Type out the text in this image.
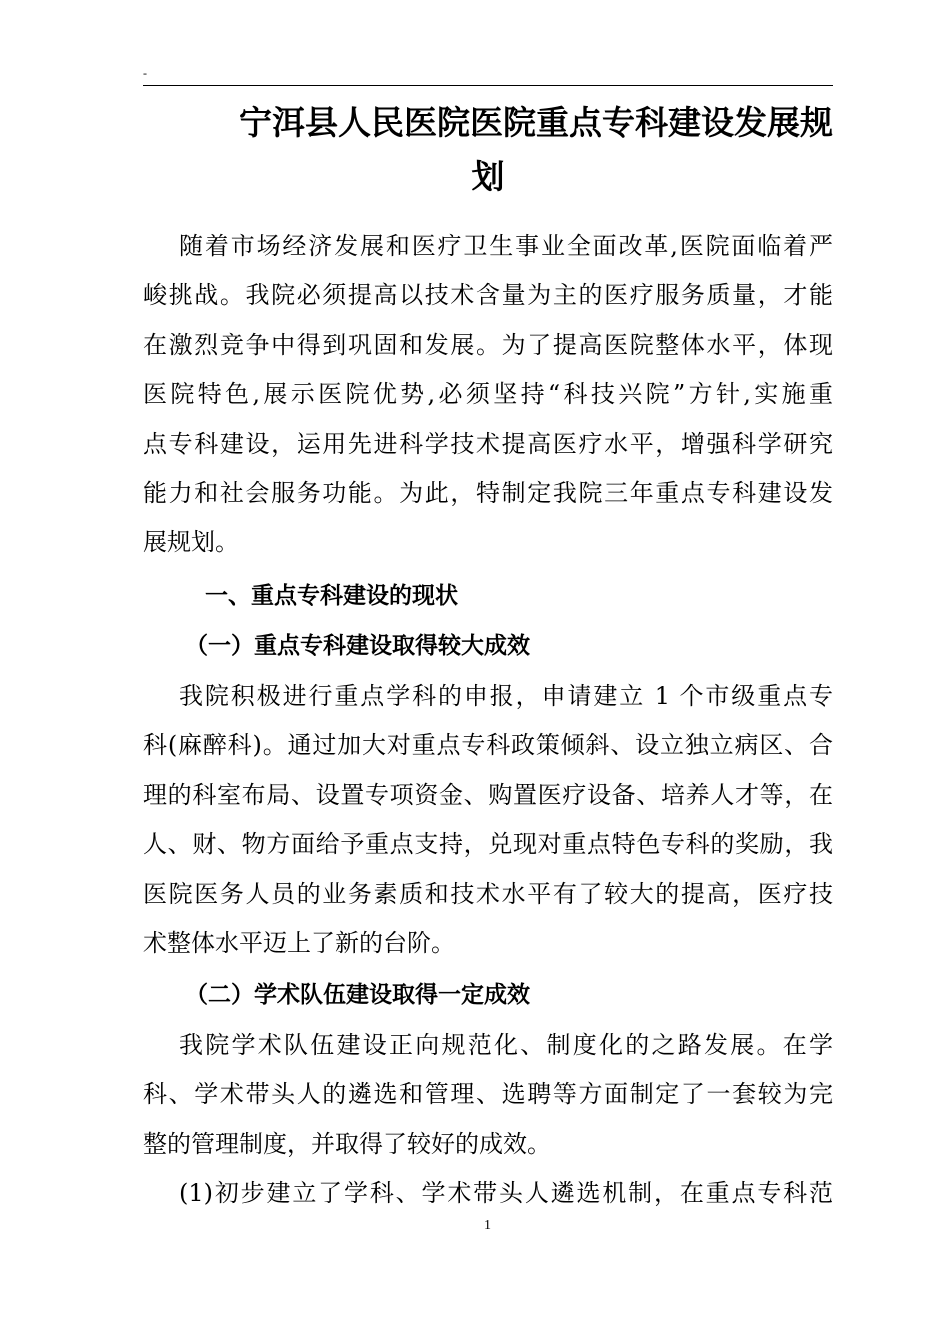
-
宁洱县人民医院医院重点专科建设发展规
划
随着市场经济发展和医疗卫生事业全面改革,医院面临着严
峻挑战。我院必须提高以技术含量为主的医疗服务质量，才能
在激烈竞争中得到巩固和发展。为了提高医院整体水平，体现
医院特色,展示医院优势,必须坚持“科技兴院”方针,实施重
点专科建设，运用先进科学技术提高医疗水平，增强科学研究
能力和社会服务功能。为此，特制定我院三年重点专科建设发
展规划。
一、重点专科建设的现状
（一）重点专科建设取得较大成效
我院积极进行重点学科的申报，申请建立 1 个市级重点专
科(麻醉科)。通过加大对重点专科政策倾斜、设立独立病区、合
理的科室布局、设置专项资金、购置医疗设备、培养人才等，在
人、财、物方面给予重点支持，兑现对重点特色专科的奖励，我
医院医务人员的业务素质和技术水平有了较大的提高，医疗技
术整体水平迈上了新的台阶。
（二）学术队伍建设取得一定成效
我院学术队伍建设正向规范化、制度化的之路发展。在学
科、学术带头人的遴选和管理、选聘等方面制定了一套较为完
整的管理制度，并取得了较好的成效。
(1)初步建立了学科、学术带头人遴选机制，在重点专科范
1
